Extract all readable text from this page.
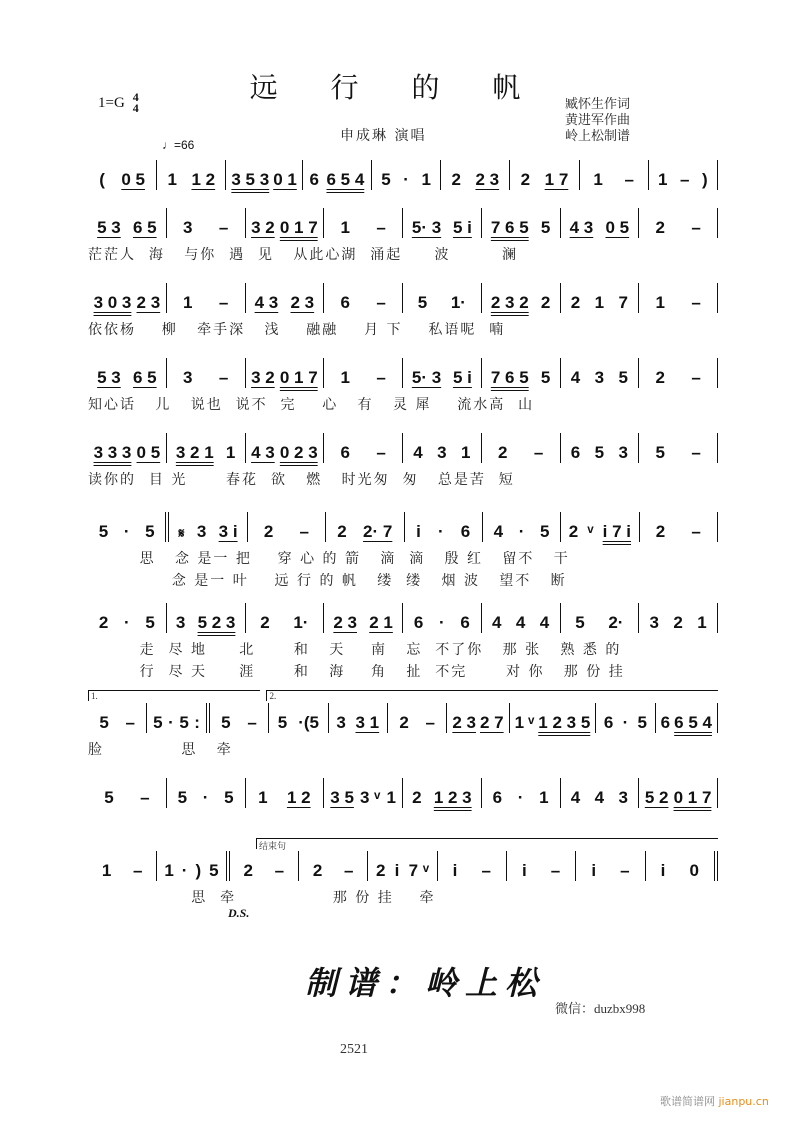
远 行 的 帆
1=G 4
4
♩=66
申成琳 演唱
臧怀生作词
黄进军作曲
岭上松制谱
( 0 5 1 1 2 3 5 3 0 1 6 6 5 4 5 · 1 2 2 3 2 1 7 1 – 1 – )
5 3 6 5 3 – 3 2 0 1 7 1 – 5· 3 5 i 7 6 5 5 4 3 0 5 2 –
茫茫人  海   与你  遇  见   从此心湖  涌起     波        澜
3 0 3 2 3 1 – 4 3 2 3 6 – 5 1· 2 3 2 2 2 1 7 1 –
依依杨    柳   牵手深   浅    融融    月 下    私语呢  喃
5 3 6 5 3 – 3 2 0 1 7 1 – 5· 3 5 i 7 6 5 5 4 3 5 2 –
知心话   儿   说也  说不  完    心   有   灵 犀    流水高  山
3 3 3 0 5 3 2 1 1 4 3 0 2 3 6 – 4 3 1 2 – 6 5 3 5 –
读你的  目 光      春花  欲   燃   时光匆  匆   总是苦  短
5 · 5 𝄋 3 3 i 2 – 2 2· 7 i · 6 4 · 5 2 ᵛ i 7 i 2 –
思   念 是一 把    穿 心 的 箭   滴  滴   殷 红   留不   干
念 是一 叶    远 行 的 帆   缕  缕   烟 波   望不   断
2 · 5 3 5 2 3 2 1· 2 3 2 1 6 · 6 4 4 4 5 2· 3 2 1
走  尽 地     北      和   天    南   忘  不了你   那 张   熟 悉 的
行  尽 天     涯      和   海    角   扯  不完      对 你   那 份 挂
1.	2.
5 – 5 · 5 : 5 – 5 ·(5 3 3 1 2 – 2 3 2 7 1 ᵛ 1 2 3 5 6 · 5 6 6 5 4
脸            思   牵
5 – 5 · 5 1 1 2 3 5 3 ᵛ 1 2 1 2 3 6 · 1 4 4 3 5 2 0 1 7
结束句
1 – 1 · ) 5 2 – 2 – 2 i 7 ᵛ i – i – i – i 0
思  牵               那 份 挂    牵
D.S.
制谱：岭上松
微信：duzbx998
2521
歌谱简谱网 jianpu.cn
